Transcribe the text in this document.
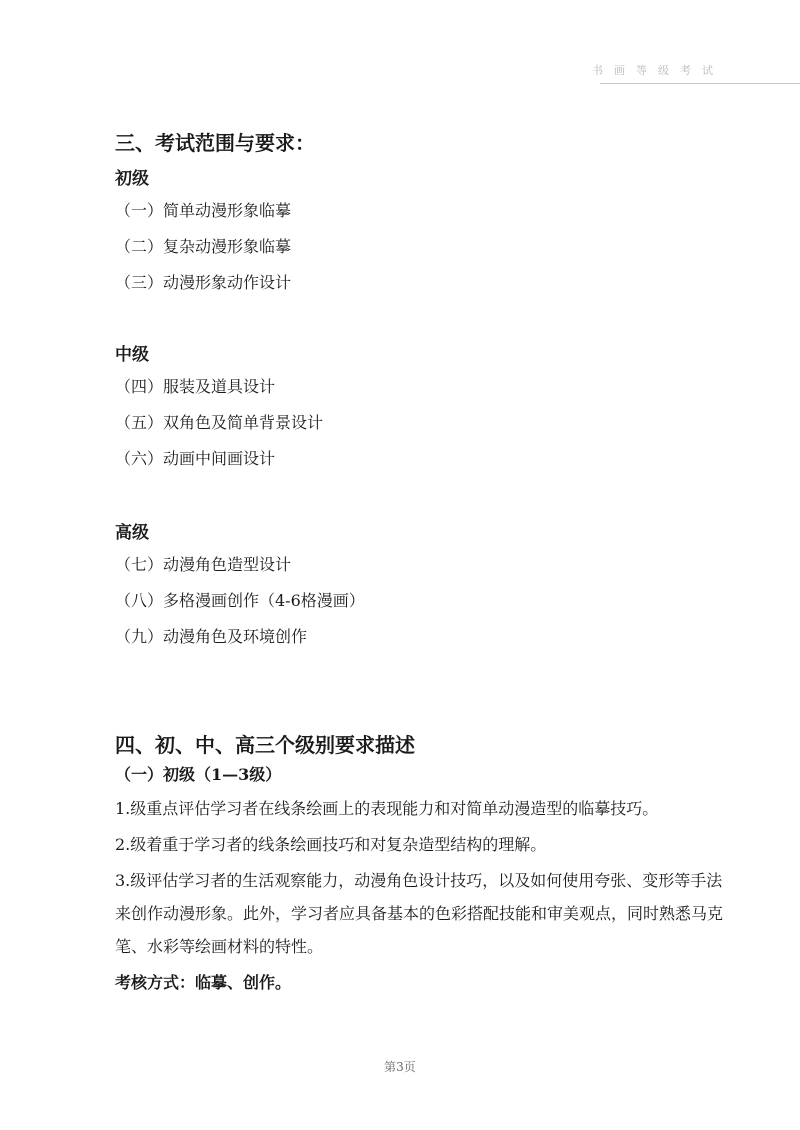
书画等级考试

三、考试范围与要求：

初级

（一）简单动漫形象临摹

（二）复杂动漫形象临摹

（三）动漫形象动作设计

中级

（四）服装及道具设计

（五）双角色及简单背景设计

（六）动画中间画设计

高级

（七）动漫角色造型设计

（八）多格漫画创作（4-6格漫画）

（九）动漫角色及环境创作

四、初、中、高三个级别要求描述

（一）初级（1—3级）

1.级重点评估学习者在线条绘画上的表现能力和对简单动漫造型的临摹技巧。

2.级着重于学习者的线条绘画技巧和对复杂造型结构的理解。

3.级评估学习者的生活观察能力，动漫角色设计技巧，以及如何使用夸张、变形等手法来创作动漫形象。此外，学习者应具备基本的色彩搭配技能和审美观点，同时熟悉马克笔、水彩等绘画材料的特性。

考核方式：临摹、创作。

第3页
